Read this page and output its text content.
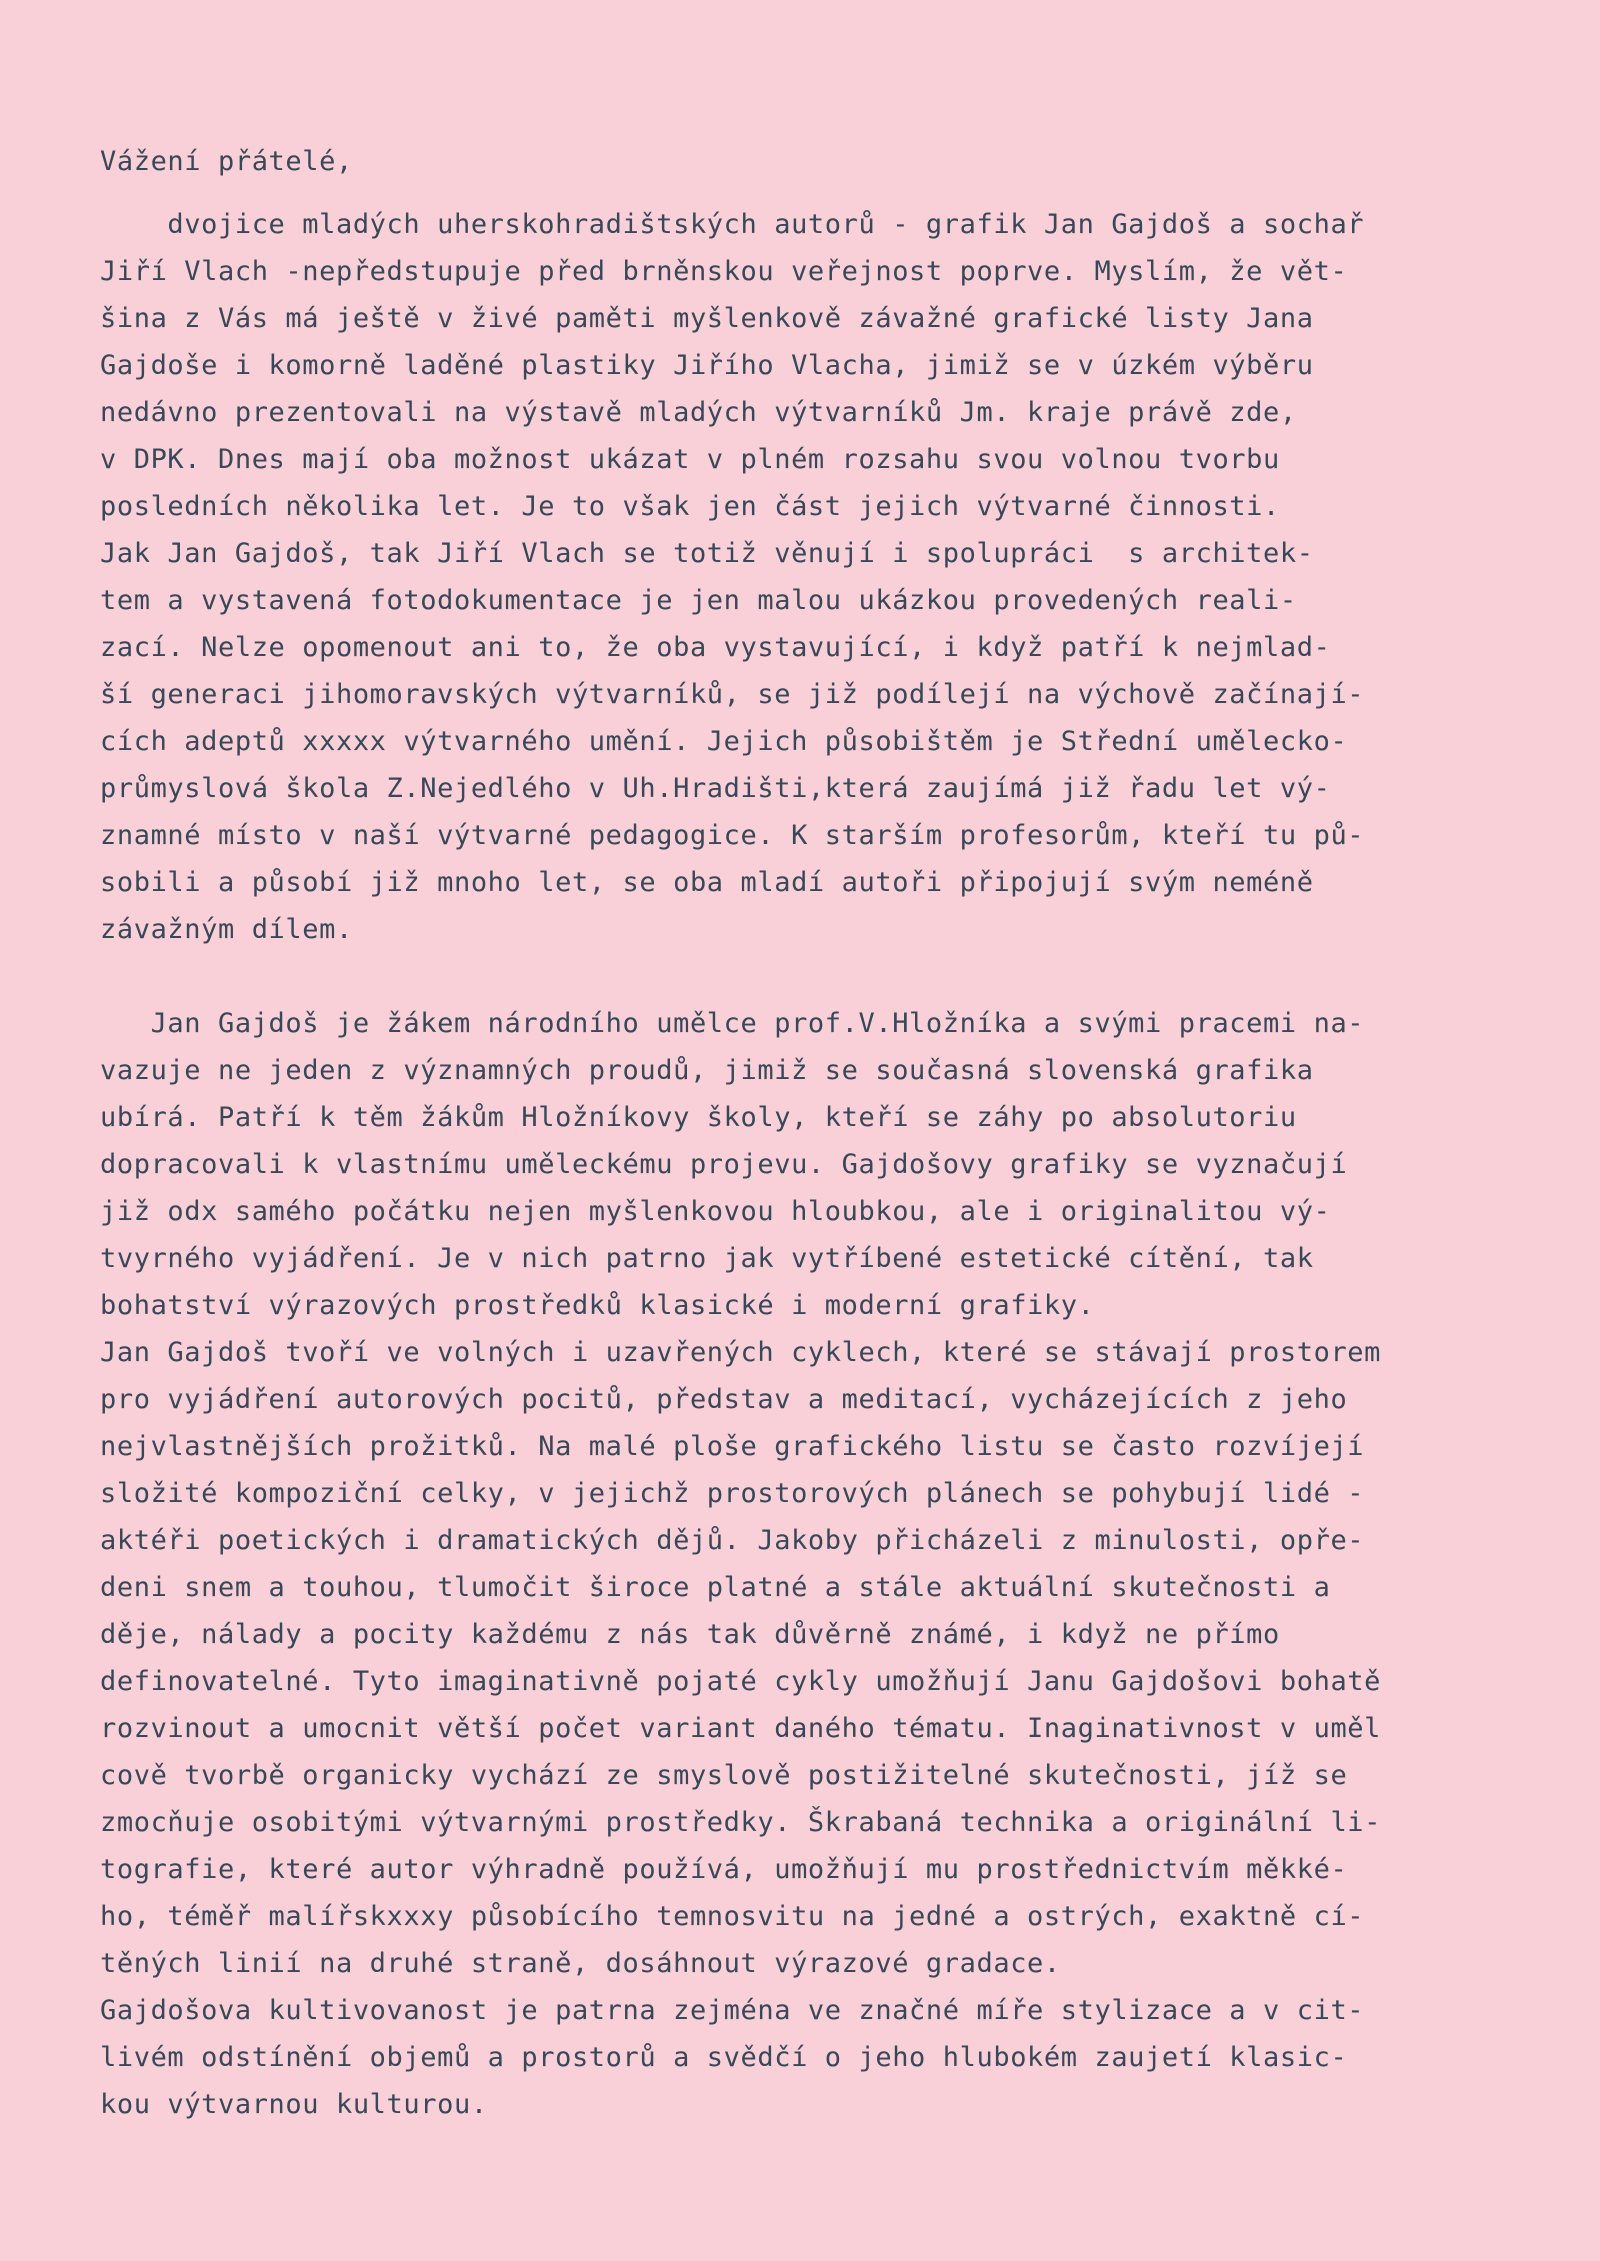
Vážení přátelé,
dvojice mladých uherskohradištských autorů - grafik Jan Gajdoš a sochař
Jiří Vlach -nepředstupuje před brněnskou veřejnost poprve. Myslím, že vět-
šina z Vás má ještě v živé paměti myšlenkově závažné grafické listy Jana
Gajdoše i komorně laděné plastiky Jiřího Vlacha, jimiž se v úzkém výběru
nedávno prezentovali na výstavě mladých výtvarníků Jm. kraje právě zde,
v DPK. Dnes mají oba možnost ukázat v plném rozsahu svou volnou tvorbu
posledních několika let. Je to však jen část jejich výtvarné činnosti.
Jak Jan Gajdoš, tak Jiří Vlach se totiž věnují i spolupráci  s architek-
tem a vystavená fotodokumentace je jen malou ukázkou provedených reali-
zací. Nelze opomenout ani to, že oba vystavující, i když patří k nejmlad-
ší generaci jihomoravských výtvarníků, se již podílejí na výchově začínají-
cích adeptů xxxxx výtvarného umění. Jejich působištěm je Střední umělecko-
průmyslová škola Z.Nejedlého v Uh.Hradišti,která zaujímá již řadu let vý-
znamné místo v naší výtvarné pedagogice. K starším profesorům, kteří tu pů-
sobili a působí již mnoho let, se oba mladí autoři připojují svým neméně
závažným dílem.
Jan Gajdoš je žákem národního umělce prof.V.Hložníka a svými pracemi na-
vazuje ne jeden z významných proudů, jimiž se současná slovenská grafika
ubírá. Patří k těm žákům Hložníkovy školy, kteří se záhy po absolutoriu
dopracovali k vlastnímu uměleckému projevu. Gajdošovy grafiky se vyznačují
již odx samého počátku nejen myšlenkovou hloubkou, ale i originalitou vý-
tvyrného vyjádření. Je v nich patrno jak vytříbené estetické cítění, tak
bohatství výrazových prostředků klasické i moderní grafiky.
Jan Gajdoš tvoří ve volných i uzavřených cyklech, které se stávají prostorem
pro vyjádření autorových pocitů, představ a meditací, vycházejících z jeho
nejvlastnějších prožitků. Na malé ploše grafického listu se často rozvíjejí
složité kompoziční celky, v jejichž prostorových plánech se pohybují lidé -
aktéři poetických i dramatických dějů. Jakoby přicházeli z minulosti, opře-
deni snem a touhou, tlumočit široce platné a stále aktuální skutečnosti a
děje, nálady a pocity každému z nás tak důvěrně známé, i když ne přímo
definovatelné. Tyto imaginativně pojaté cykly umožňují Janu Gajdošovi bohatě
rozvinout a umocnit větší počet variant daného tématu. Inaginativnost v uměl
cově tvorbě organicky vychází ze smyslově postižitelné skutečnosti, jíž se
zmocňuje osobitými výtvarnými prostředky. Škrabaná technika a originální li-
tografie, které autor výhradně používá, umožňují mu prostřednictvím měkké-
ho, téměř malířskxxxy působícího temnosvitu na jedné a ostrých, exaktně cí-
těných linií na druhé straně, dosáhnout výrazové gradace.
Gajdošova kultivovanost je patrna zejména ve značné míře stylizace a v cit-
livém odstínění objemů a prostorů a svědčí o jeho hlubokém zaujetí klasic-
kou výtvarnou kulturou.
